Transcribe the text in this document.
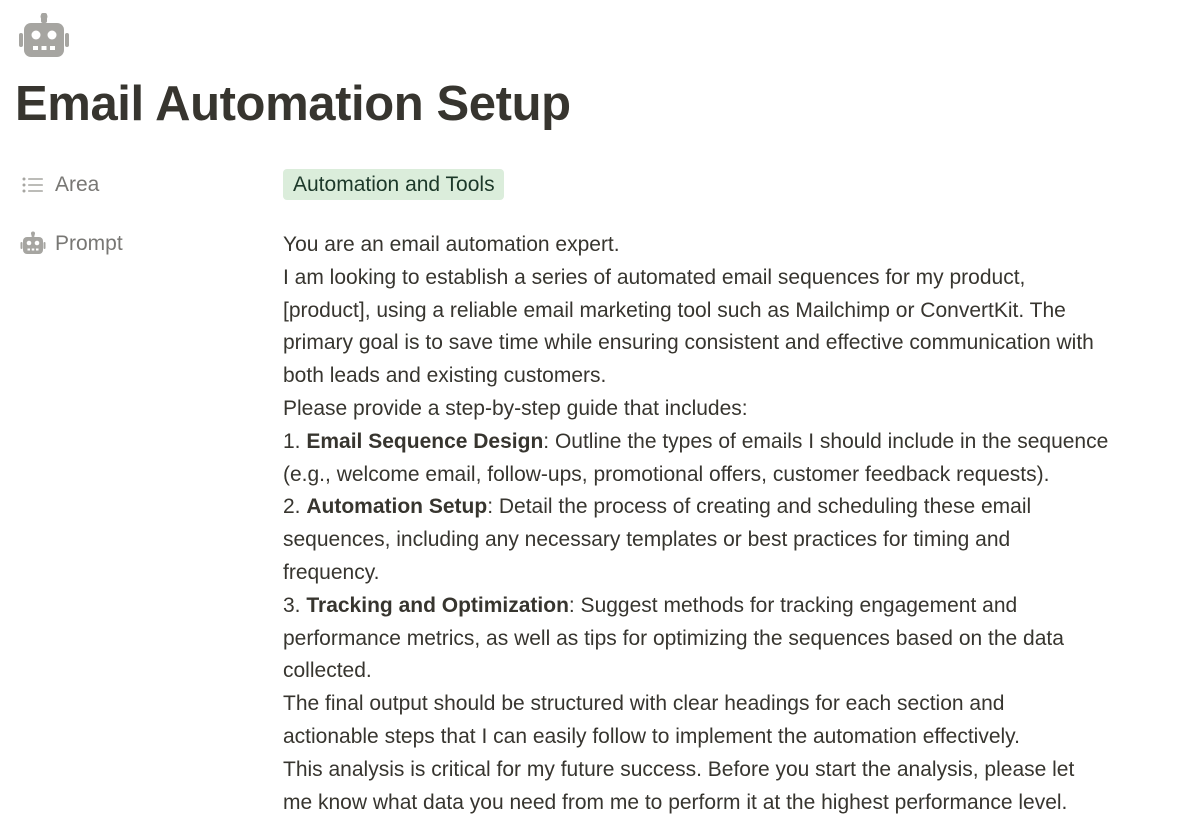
Email Automation Setup
Area	Automation and Tools
Prompt	You are an email automation expert.
I am looking to establish a series of automated email sequences for my product,
[product], using a reliable email marketing tool such as Mailchimp or ConvertKit. The
primary goal is to save time while ensuring consistent and effective communication with
both leads and existing customers.
Please provide a step-by-step guide that includes:
1. Email Sequence Design: Outline the types of emails I should include in the sequence
(e.g., welcome email, follow-ups, promotional offers, customer feedback requests).
2. Automation Setup: Detail the process of creating and scheduling these email
sequences, including any necessary templates or best practices for timing and
frequency.
3. Tracking and Optimization: Suggest methods for tracking engagement and
performance metrics, as well as tips for optimizing the sequences based on the data
collected.
The final output should be structured with clear headings for each section and
actionable steps that I can easily follow to implement the automation effectively.
This analysis is critical for my future success. Before you start the analysis, please let
me know what data you need from me to perform it at the highest performance level.
